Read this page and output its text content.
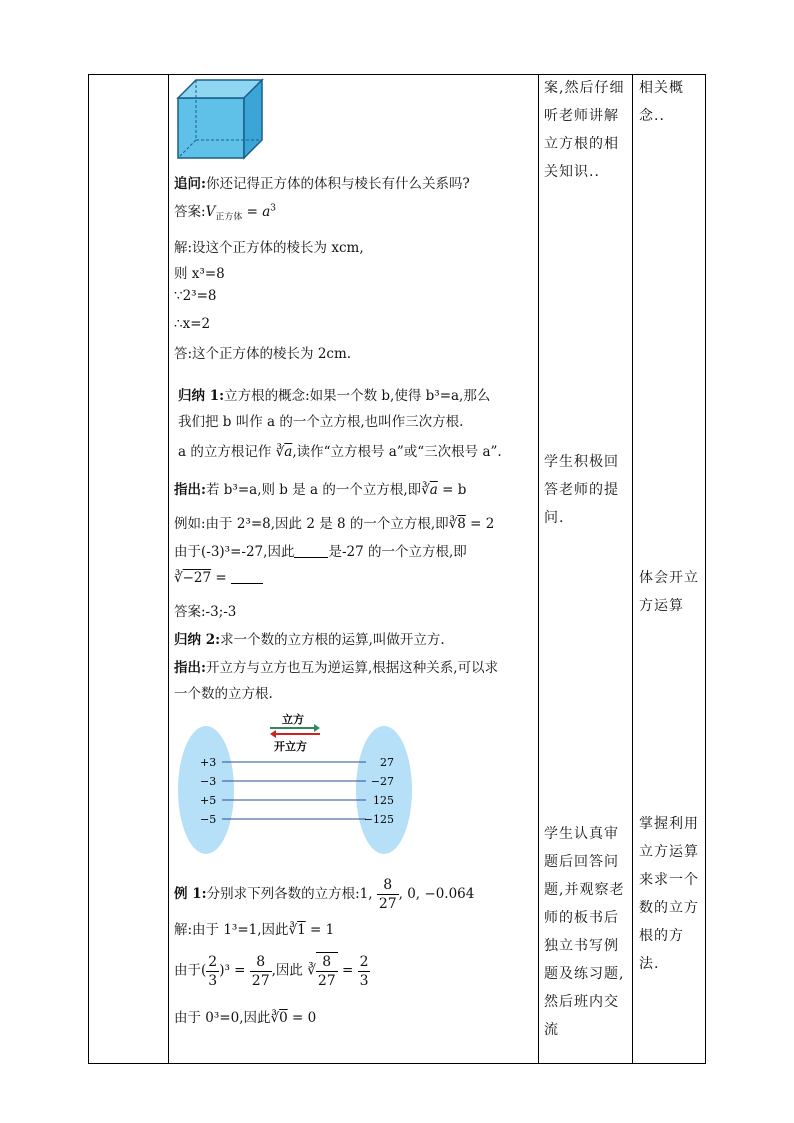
追问:你还记得正方体的体积与棱长有什么关系吗?
答案$:V_{正方体} = a^3$
解:设这个正方体的棱长为 xcm,
则 x³=8
∵2³=8
∴x=2
答:这个正方体的棱长为 2cm.
归纳 1:立方根的概念:如果一个数 b,使得 b³=a,那么
我们把 b 叫作 a 的一个立方根,也叫作三次方根.
a 的立方根记作 $∛\overline{a}$,读作“立方根号 a”或“三次根号 a”.
指出:若 b³=a,则 b 是 a 的一个立方根,即$∛\overline{a} = b$
例如:由于 2³=8,因此 2 是 8 的一个立方根,即∛8 = 2
由于(-3)³=-27,因此	是-27 的一个立方根,即
∛−27 =
答案:-3;-3
归纳 2:求一个数的立方根的运算,叫做开立方.
指出:开立方与立方也互为逆运算,根据这种关系,可以求
一个数的立方根.
立方
开立方
+3	27
−3	−27
+5	125
−5	−125
例 1:分别求下列各数的立方根:1, $\frac{8}{27}$ , 0, −0.064
解:由于 1³=1,因此∛1 = 1
由于( $\frac{2}{3} )^3 = \frac{8}{27}$ ,因此 ∛ $\frac{8}{27} = \frac{2}{3}$
由于 0³=0,因此∛0 = 0
案,然后仔细听老师讲解立方根的相关知识..
学生积极回答老师的提问.
学生认真审题后回答问题,并观察老师的板书后独立书写例题及练习题,然后班内交流
相关概念..
体会开立方运算
掌握利用立方运算来求一个数的立方根的方法.
